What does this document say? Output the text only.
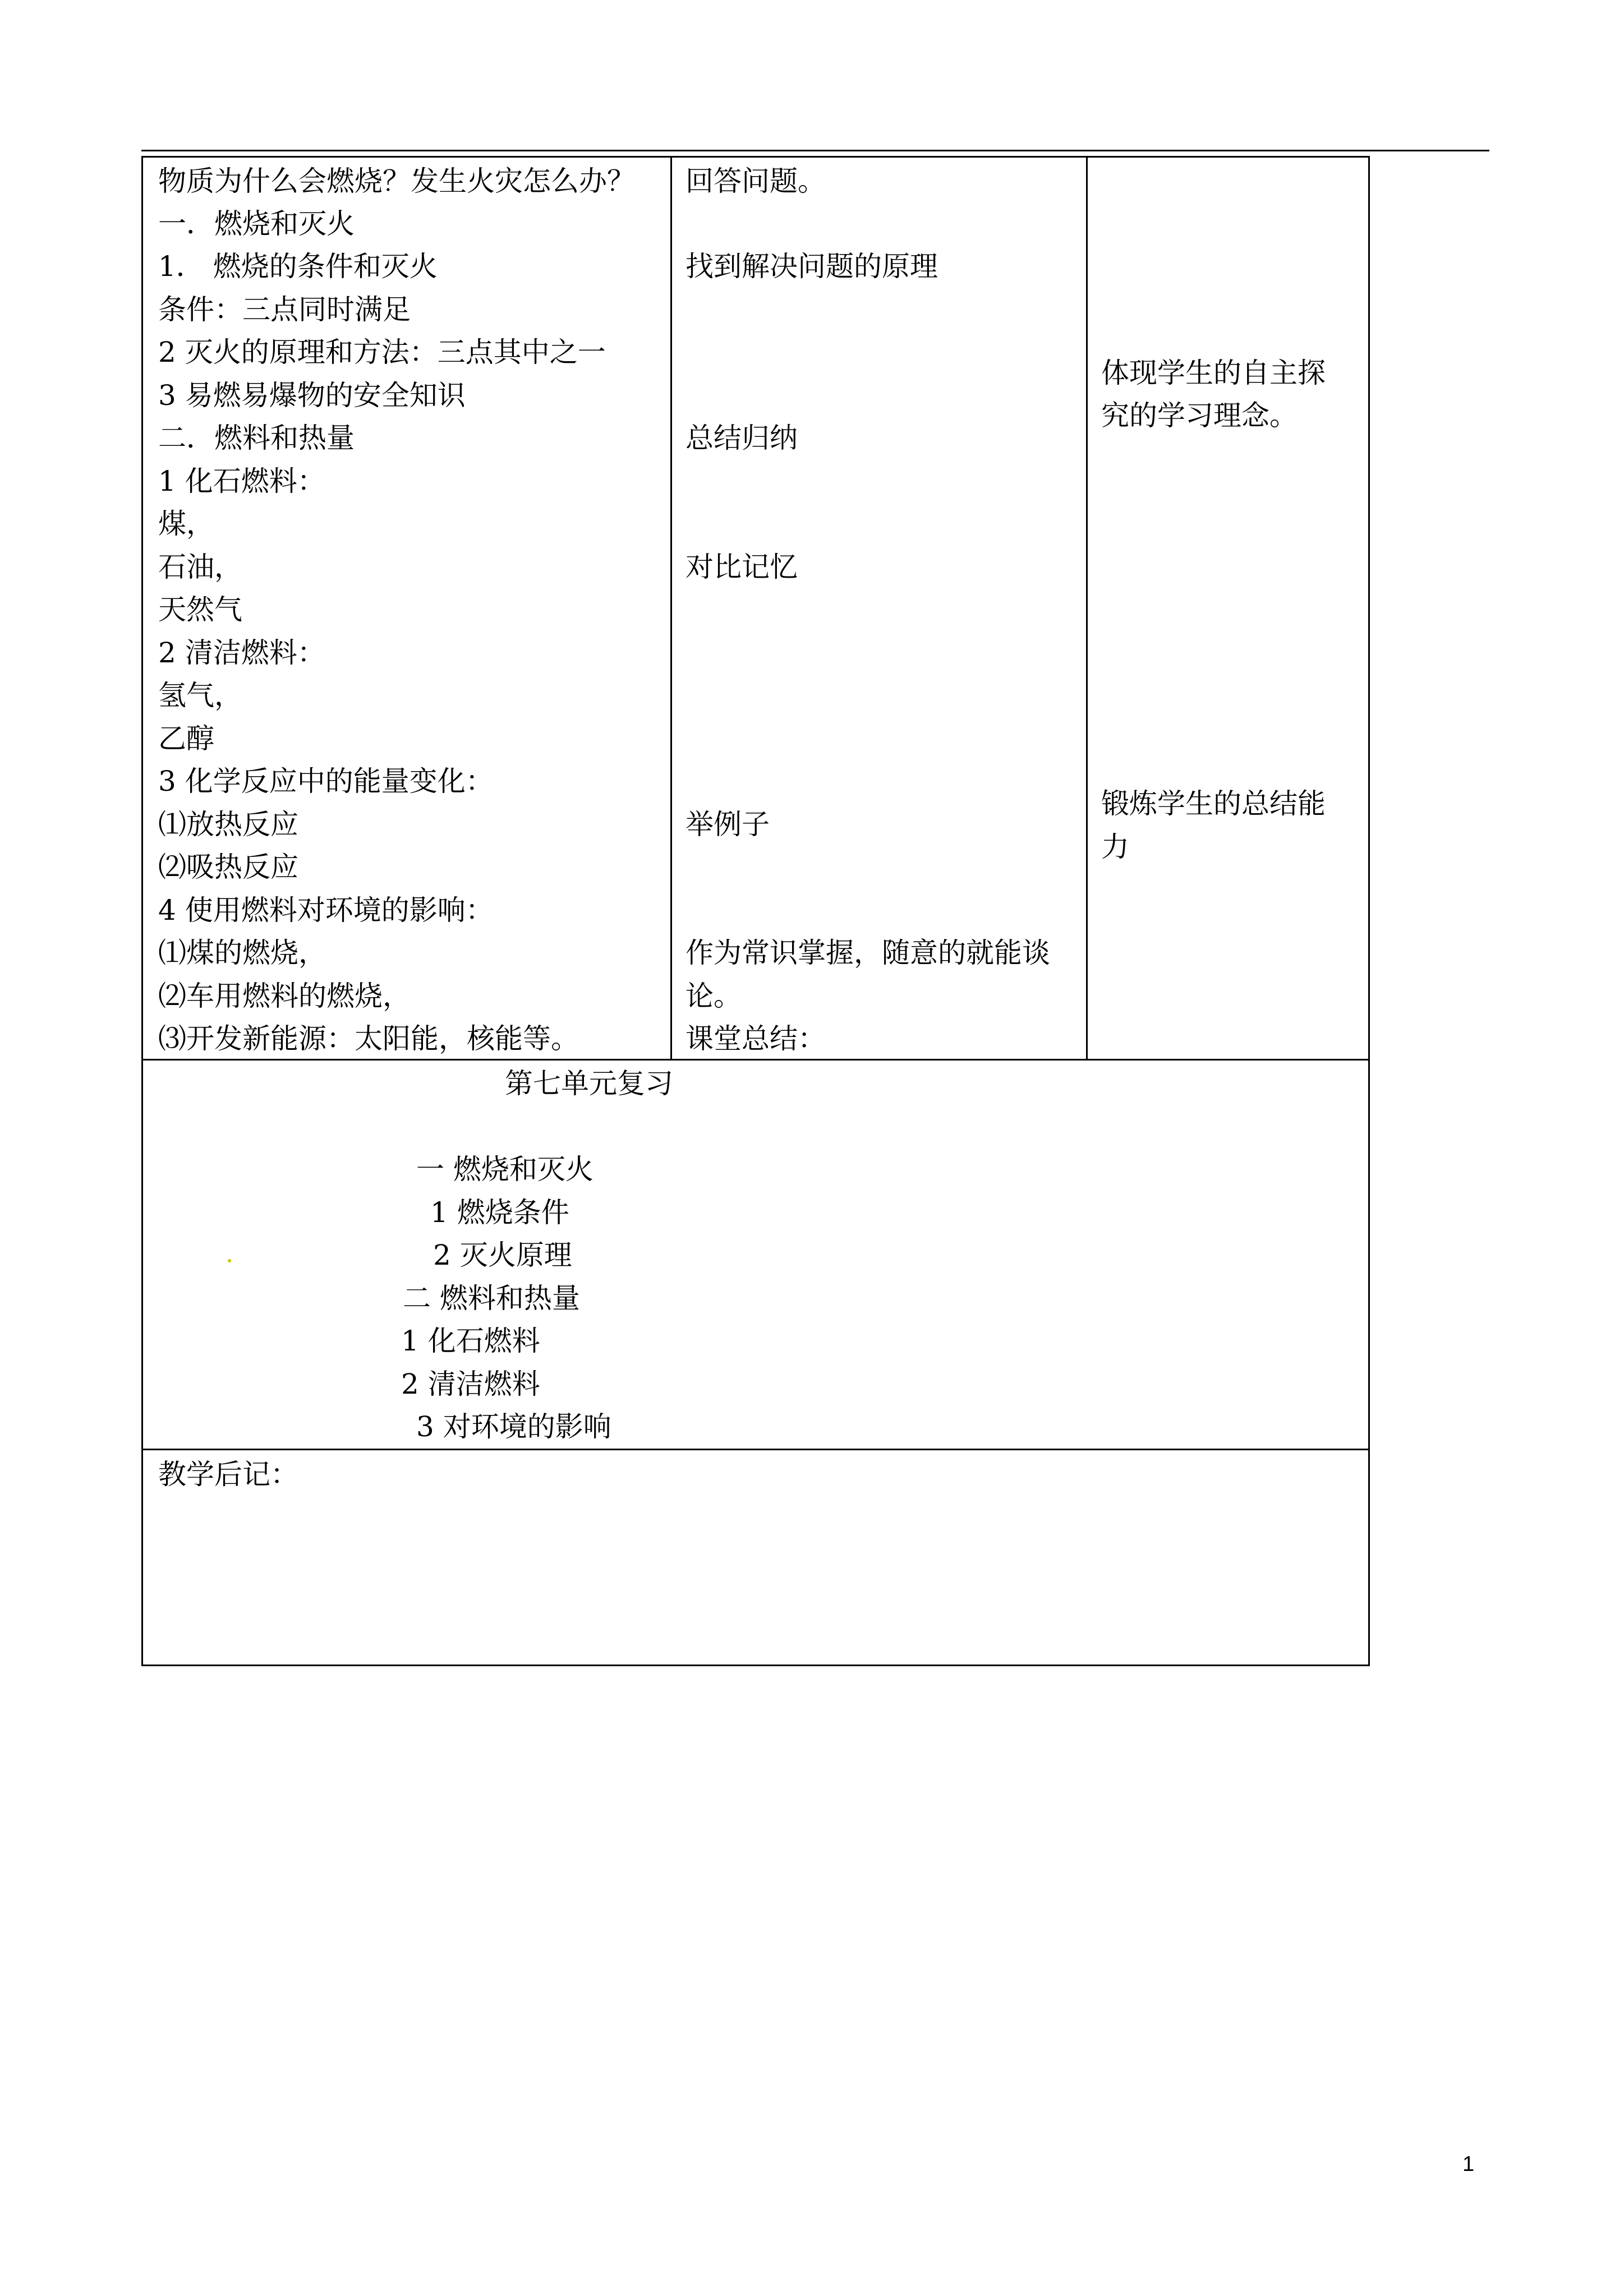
物质为什么会燃烧？发生火灾怎么办？
一．燃烧和灭火
1． 燃烧的条件和灭火
条件：三点同时满足
2 灭火的原理和方法：三点其中之一
3 易燃易爆物的安全知识
二．燃料和热量
1 化石燃料：
煤，
石油，
天然气
2 清洁燃料：
氢气，
乙醇
3 化学反应中的能量变化：
⑴放热反应
⑵吸热反应
4 使用燃料对环境的影响：
⑴煤的燃烧，
⑵车用燃料的燃烧，
⑶开发新能源：太阳能，核能等。
回答问题。
找到解决问题的原理
总结归纳
对比记忆
举例子
作为常识掌握，随意的就能谈
论。
课堂总结：
体现学生的自主探
究的学习理念。
锻炼学生的总结能
力
第七单元复习
一 燃烧和灭火
1 燃烧条件
2 灭火原理
二 燃料和热量
1 化石燃料
2 清洁燃料
3 对环境的影响
教学后记：
1
